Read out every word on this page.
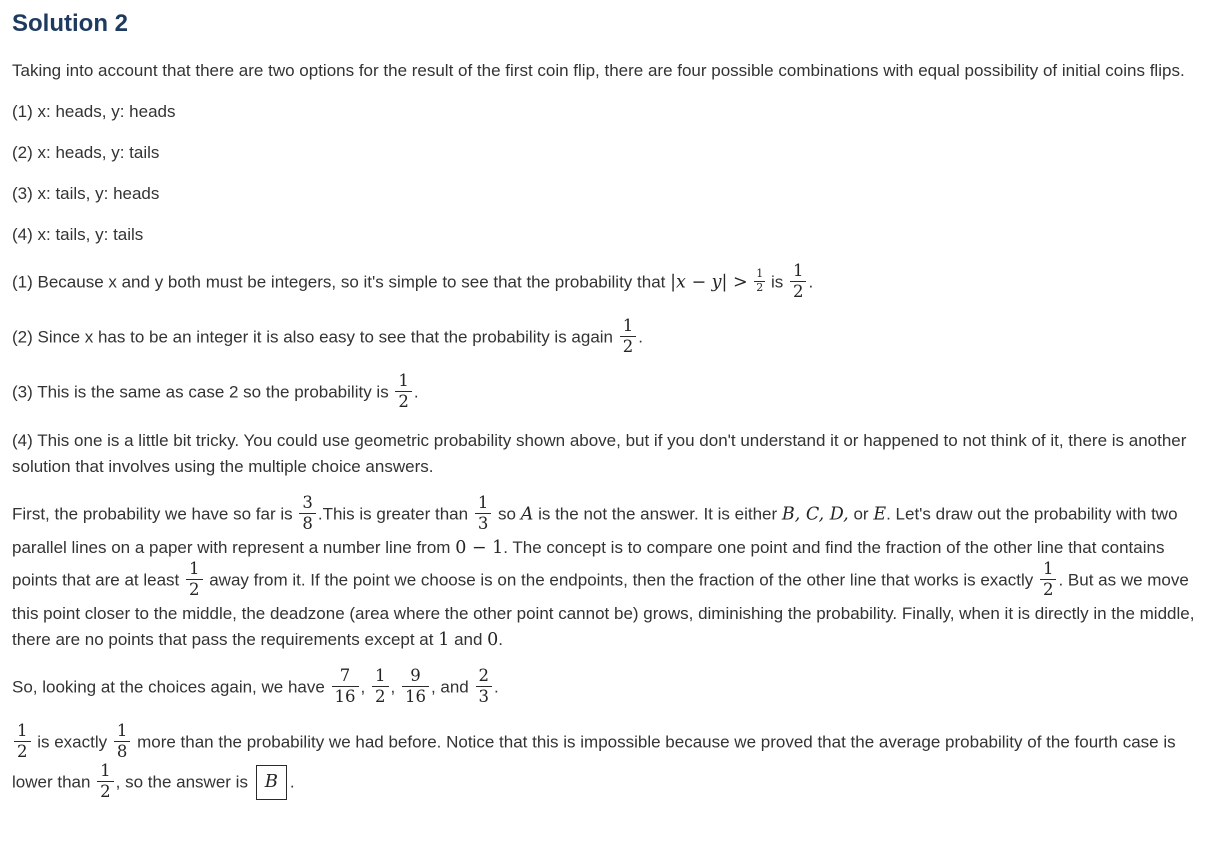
Solution 2

Taking into account that there are two options for the result of the first coin flip, there are four possible combinations with equal possibility of initial coins flips.

(1) x: heads, y: heads

(2) x: heads, y: tails

(3) x: tails, y: heads

(4) x: tails, y: tails

(1) Because x and y both must be integers, so it's simple to see that the probability that $|x - y| > \frac{1}{2}$ is $\frac{1}{2}$ .

(2) Since x has to be an integer it is also easy to see that the probability is again $\frac{1}{2}$ .

(3) This is the same as case 2 so the probability is $\frac{1}{2}$ .

(4) This one is a little bit tricky. You could use geometric probability shown above, but if you don't understand it or happened to not think of it, there is another solution that involves using the multiple choice answers.

First, the probability we have so far is $\frac{3}{8}$ .This is greater than $\frac{1}{3}$ so A is the not the answer. It is either B, C, D, or E. Let's draw out the probability with two parallel lines on a paper with represent a number line from 0 − 1. The concept is to compare one point and find the fraction of the other line that contains points that are at least $\frac{1}{2}$ away from it. If the point we choose is on the endpoints, then the fraction of the other line that works is exactly $\frac{1}{2}$ . But as we move this point closer to the middle, the deadzone (area where the other point cannot be) grows, diminishing the probability. Finally, when it is directly in the middle, there are no points that pass the requirements except at 1 and 0.

So, looking at the choices again, we have $\frac{7}{16}$ , $\frac{1}{2}$ , $\frac{9}{16}$ , and $\frac{2}{3}$ .

$\frac{1}{2}$ is exactly $\frac{1}{8}$ more than the probability we had before. Notice that this is impossible because we proved that the average probability of the fourth case is lower than $\frac{1}{2}$ , so the answer is B .
